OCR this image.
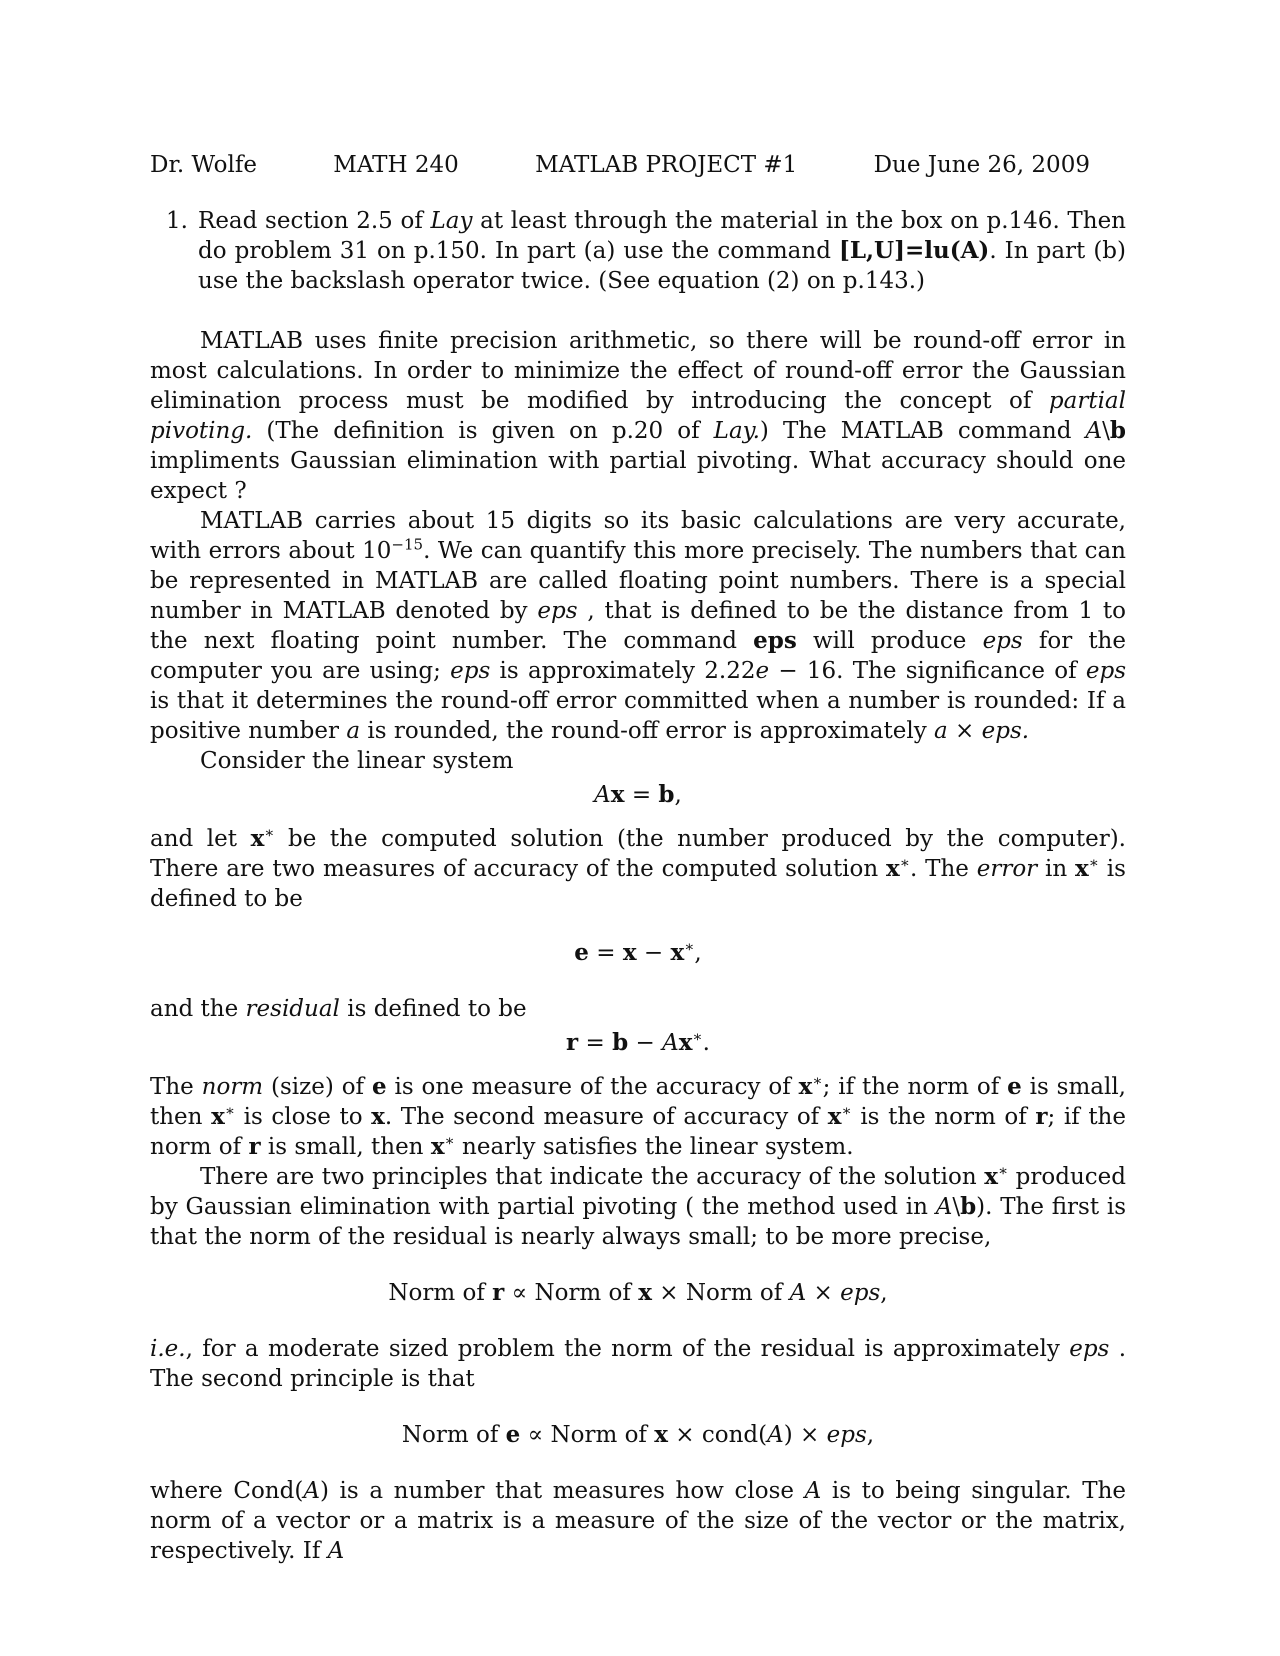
Dr. Wolfe	MATH 240	MATLAB PROJECT #1	Due June 26, 2009
1. Read section 2.5 of Lay at least through the material in the box on p.146. Then do problem 31 on p.150. In part (a) use the command [L,U]=lu(A). In part (b) use the backslash operator twice. (See equation (2) on p.143.)

MATLAB uses finite precision arithmetic, so there will be round-off error in most calculations. In order to minimize the effect of round-off error the Gaussian elimination process must be modified by introducing the concept of partial pivoting. (The definition is given on p.20 of Lay.) The MATLAB command A\b impliments Gaussian elimination with partial pivoting. What accuracy should one expect ?

MATLAB carries about 15 digits so its basic calculations are very accurate, with errors about $10^{-15}$. We can quantify this more precisely. The numbers that can be represented in MATLAB are called floating point numbers. There is a special number in MATLAB denoted by eps , that is defined to be the distance from 1 to the next floating point number. The command eps will produce eps for the computer you are using; eps is approximately 2.22e − 16. The significance of eps is that it determines the round-off error committed when a number is rounded: If a positive number a is rounded, the round-off error is approximately a × eps.

Consider the linear system

Ax = b,

and let x∗ be the computed solution (the number produced by the computer). There are two measures of accuracy of the computed solution x∗. The error in x∗ is defined to be

e = x − x∗,

and the residual is defined to be

r = b − Ax∗.

The norm (size) of e is one measure of the accuracy of x∗; if the norm of e is small, then x∗ is close to x. The second measure of accuracy of x∗ is the norm of r; if the norm of r is small, then x∗ nearly satisfies the linear system.

There are two principles that indicate the accuracy of the solution x∗ produced by Gaussian elimination with partial pivoting ( the method used in A\b). The first is that the norm of the residual is nearly always small; to be more precise,

Norm of r ∝ Norm of x × Norm of A × eps,

i.e., for a moderate sized problem the norm of the residual is approximately eps . The second principle is that

Norm of e ∝ Norm of x × cond(A) × eps,

where Cond(A) is a number that measures how close A is to being singular. The norm of a vector or a matrix is a measure of the size of the vector or the matrix, respectively. If A
